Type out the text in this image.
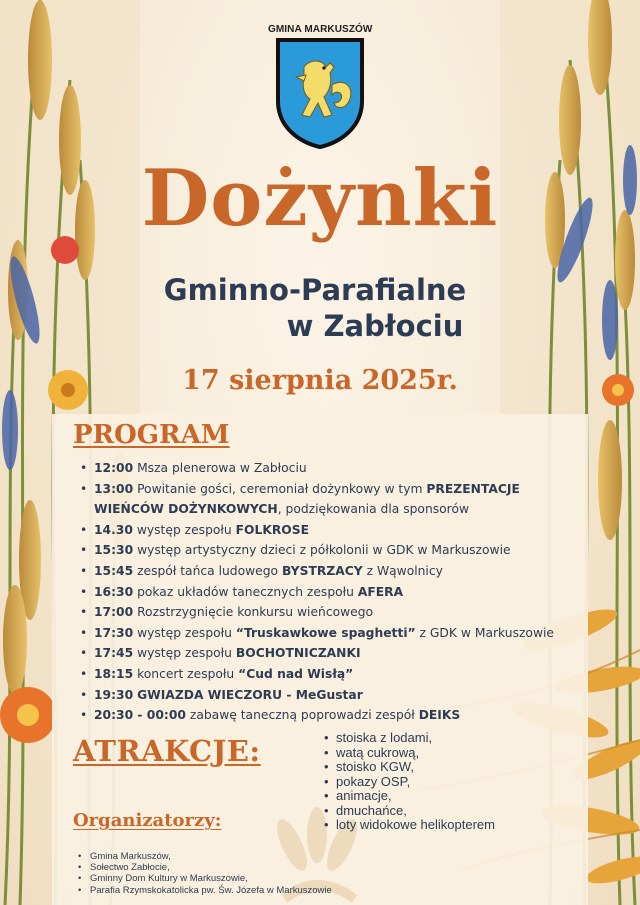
GMINA MARKUSZÓW
Dożynki
Gminno-Parafialne
w Zabłociu
17 sierpnia 2025r.
PROGRAM
• 12:00 Msza plenerowa w Zabłociu
• 13:00 Powitanie gości, ceremoniał dożynkowy w tym PREZENTACJE
WIEŃCÓW DOŻYNKOWYCH, podziękowania dla sponsorów
• 14.30 występ zespołu FOLKROSE
• 15:30 występ artystyczny dzieci z półkolonii w GDK w Markuszowie
• 15:45 zespół tańca ludowego BYSTRZACY z Wąwolnicy
• 16:30 pokaz układów tanecznych zespołu AFERA
• 17:00 Rozstrzygnięcie konkursu wieńcowego
• 17:30 występ zespołu “Truskawkowe spaghetti” z GDK w Markuszowie
• 17:45 występ zespołu BOCHOTNICZANKI
• 18:15 koncert zespołu “Cud nad Wisłą”
• 19:30 GWIAZDA WIECZORU - MeGustar
• 20:30 - 00:00 zabawę taneczną poprowadzi zespół DEIKS
ATRAKCJE:
•	stoiska z lodami,
• watą cukrową,
• stoisko KGW,
• pokazy OSP,
• animacje,
• dmuchańce,
• loty widokowe helikopterem
Organizatorzy:
• Gmina Markuszów,
• Sołectwo Zabłocie,
• Gminny Dom Kultury w Markuszowie,
• Parafia Rzymskokatolicka pw. Św. Józefa w Markuszowie
